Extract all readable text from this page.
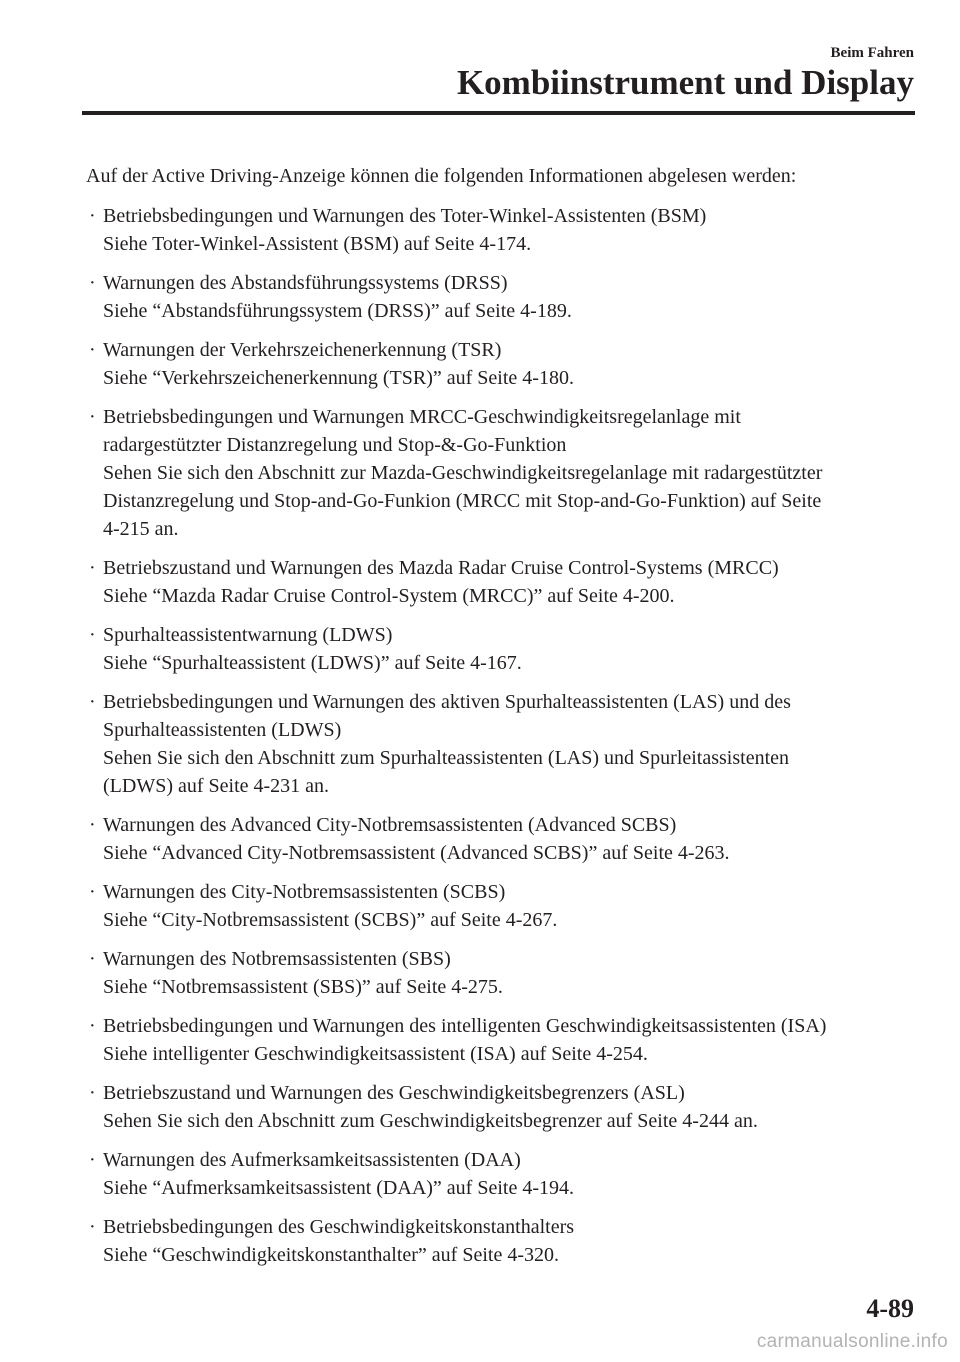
Beim Fahren
Kombiinstrument und Display

Auf der Active Driving-Anzeige können die folgenden Informationen abgelesen werden:

· Betriebsbedingungen und Warnungen des Toter-Winkel-Assistenten (BSM)
Siehe Toter-Winkel-Assistent (BSM) auf Seite 4-174.
· Warnungen des Abstandsführungssystems (DRSS)
Siehe “Abstandsführungssystem (DRSS)” auf Seite 4-189.
· Warnungen der Verkehrszeichenerkennung (TSR)
Siehe “Verkehrszeichenerkennung (TSR)” auf Seite 4-180.
· Betriebsbedingungen und Warnungen MRCC-Geschwindigkeitsregelanlage mit
radargestützter Distanzregelung und Stop-&-Go-Funktion
Sehen Sie sich den Abschnitt zur Mazda-Geschwindigkeitsregelanlage mit radargestützter
Distanzregelung und Stop-and-Go-Funkion (MRCC mit Stop-and-Go-Funktion) auf Seite
4-215 an.
· Betriebszustand und Warnungen des Mazda Radar Cruise Control-Systems (MRCC)
Siehe “Mazda Radar Cruise Control-System (MRCC)” auf Seite 4-200.
· Spurhalteassistentwarnung (LDWS)
Siehe “Spurhalteassistent (LDWS)” auf Seite 4-167.
· Betriebsbedingungen und Warnungen des aktiven Spurhalteassistenten (LAS) und des
Spurhalteassistenten (LDWS)
Sehen Sie sich den Abschnitt zum Spurhalteassistenten (LAS) und Spurleitassistenten
(LDWS) auf Seite 4-231 an.
· Warnungen des Advanced City-Notbremsassistenten (Advanced SCBS)
Siehe “Advanced City-Notbremsassistent (Advanced SCBS)” auf Seite 4-263.
· Warnungen des City-Notbremsassistenten (SCBS)
Siehe “City-Notbremsassistent (SCBS)” auf Seite 4-267.
· Warnungen des Notbremsassistenten (SBS)
Siehe “Notbremsassistent (SBS)” auf Seite 4-275.
· Betriebsbedingungen und Warnungen des intelligenten Geschwindigkeitsassistenten (ISA)
Siehe intelligenter Geschwindigkeitsassistent (ISA) auf Seite 4-254.
· Betriebszustand und Warnungen des Geschwindigkeitsbegrenzers (ASL)
Sehen Sie sich den Abschnitt zum Geschwindigkeitsbegrenzer auf Seite 4-244 an.
· Warnungen des Aufmerksamkeitsassistenten (DAA)
Siehe “Aufmerksamkeitsassistent (DAA)” auf Seite 4-194.
· Betriebsbedingungen des Geschwindigkeitskonstanthalters
Siehe “Geschwindigkeitskonstanthalter” auf Seite 4-320.
4-89
carmanualsonline.info
